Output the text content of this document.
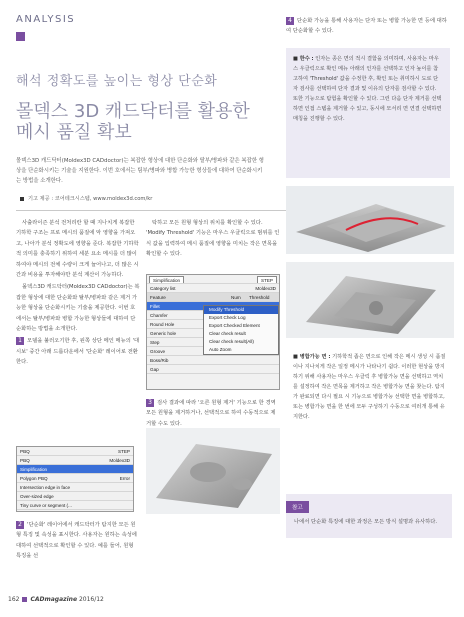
ANALYSIS
해석 정확도를 높이는 형상 단순화
몰덱스 3D 캐드닥터를 활용한
메시 품질 확보
몰덱스3D 캐드닥터(Moldex3D CADdoctor)는 복잡한 형상에 대한 단순화와 탈부/병파와 같은 복잡한 형상을 단순화시키는 기술을 지원한다. 이번 호에서는 팀부/병파와 병합 가능한 형상들에 대하여 단순화시키는 방법을 소개한다.
기고 제공 : 코어테크시스템, www.moldex3d.com/kr
4 단순화 가능을 통해 사용자는 단자 또는 병합 가능한 면 등에 대하여 단순화할 수 있다.
■ 한수 : 인자는 종은 면의 적시 결함을 의미하며, 사용자는 마우스 우클릭으로 확인 메뉴 아래의 인자를 선택하고 인자 높이를 참고하여 'Threshold' 값을 수정한 후, 확인 또는 취미하시 도로 단자 검사를 선택하여 단자 결과 및 이유의 단자를 검사할 수 있다. 또한 기능으로 탐험을 확인할 수 있다. 그런 다음 단자 제거를 선택하면 인접 스템을 제거할 수 있고, 동시에 모서리 면 연결 선택하면 매칭을 진행할 수 있다.
■ 병합가능 면 : 기하학적 좁은 면으로 인해 작은 메시 생성 시 품질이나 지나치게 작은 일정 메시가 나타나기 쉽다. 이러한 현상을 방지하기 위해 사용자는 마우스 우클릭 후 병합가능 면을 선택하고 역치를 설정하여 작은 면목을 제거하고 작은 병합가능 면을 찾는다. 탐지가 완료되면 다시 필요 시 기능으로 병합가능 선택한 면을 병합하고, 또는 병합가능 면을 한 번에 모두 구성하기 수동으로 여러개 통해 유지한다.

사출라이즌 분석 전처리란 할 때 지나치게 복잡한 기하학 구조는 프로 메시의 품질에 악 영향을 가져오고, 나아가 분석 정확도에 영향을 준다. 복잡한 기하학적 의미를 충족하기 위하여 세분 요소 메시를 더 많이 하여야 메시의 전체 수량이 크게 늘어나고, 더 많은 시간과 비용을 투자해야만 분석 계산이 가능하다.

몰덱스3D 캐드닥터(Moldex3D CADdoctor)는 복잡한 형상에 대한 단순화와 탈부/병파와 같은 제거 가능한 형상을 단순화시키는 기술을 제공한다. 이번 호에서는 탈부/병파와 병합 가능한 형상들에 대하여 단순화하는 방법을 소개한다.

1 모델을 불러오기한 후, 왼쪽 상단 메인 메뉴의 '대시보' 중간 아래 드롭다운에서 '단순화' 레이어로 전환한다.

탁하고 모든 원형 형상의 위치를 확인할 수 있다. 'Modify Threshold' 기능은 마우스 우클릭으로 범위를 인식 값을 입력하여 메시 품질에 영향을 미치는 작은 면목을 확인할 수 있다.

Simplification	STEP
Category list	Moldex3D
Feature	Num Threshold
Fillet
Chamfer
Round Hole
Generic hole
Step
Groove
Boss/Rib
Gap
Modify Threshold
Export Check Log
Export Checked Element
Clear check result
Clear check result(All)
Auto Zoom
3 검사 결과에 따라 '오른 원형 제거' 기능으로 한 경역 모든 원형을 제거하거나, 선택적으로 하여 수동적으로 제거할 수도 있다.
PBQ	STEP
PBQ	Moldex3D
Simplification
Polygon PBQ	Error
Intersection edge in face
Over-sized edge
Tiny curve or segment (...
2 '단순화' 레이어에서 캐드닥터가 탐지한 모든 원형 특징 및 속성을 표시한다. 사용자는 원하는 속성에 대하여 선택적으로 확인할 수 있다. 예를 들어, 원형 특징을 선
참고
나에서 단순화 특징에 대한 과정은 모든 방식 설명과 유사하다.
162 CADmagazine 2016/12
